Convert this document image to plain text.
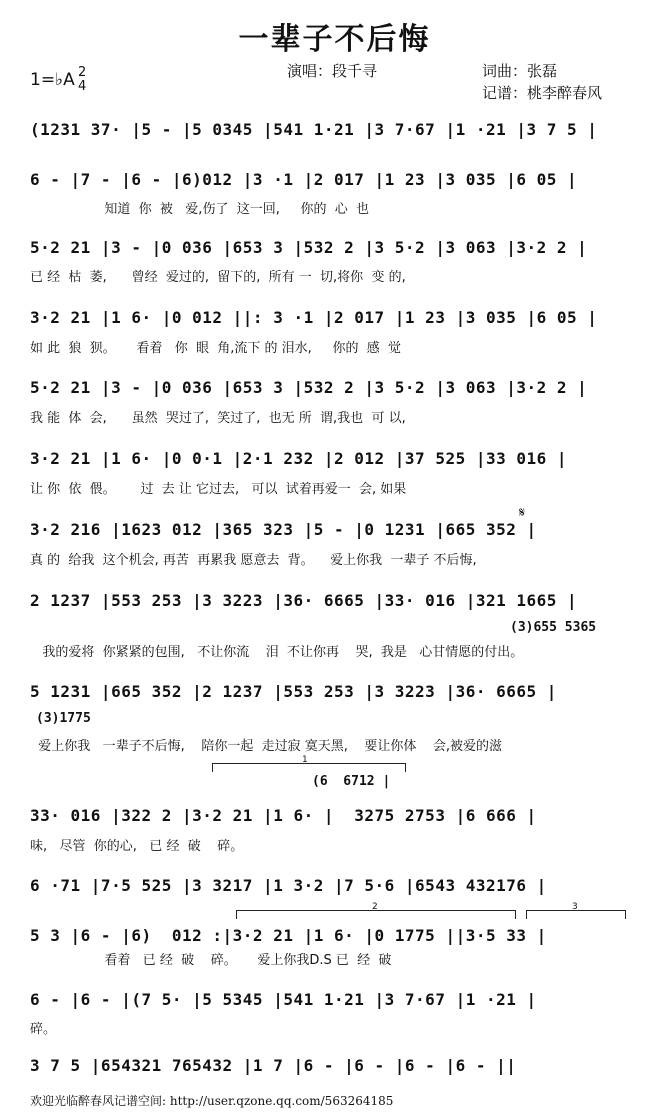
一辈子不后悔
演唱：段千寻	词曲：张磊
记谱：桃李醉春风
1=♭A 2
4
(1231 37· |5 - |5 0345 |541 1·21 |3 7·67 |1 ·21 |3 7 5 |
6 - |7 - |6 - |6)012 |3 ·1 |2 017 |1 23 |3 035 |6 05 |
知道  你  被   爱,伤了  这一回,     你的  心  也
5·2 21 |3 - |0 036 |653 3 |532 2 |3 5·2 |3 063 |3·2 2 |
已 经  枯  萎,      曾经  爱过的,  留下的,  所有 一  切,将你  变 的,
3·2 21 |1 6· |0 012 ||: 3 ·1 |2 017 |1 23 |3 035 |6 05 |
如 此  狼  狈。     看着   你  眼  角,流下 的 泪水,     你的  感  觉
5·2 21 |3 - |0 036 |653 3 |532 2 |3 5·2 |3 063 |3·2 2 |
我 能  体  会,      虽然  哭过了,  笑过了,  也无 所  谓,我也  可 以,
3·2 21 |1 6· |0 0·1 |2·1 232 |2 012 |37 525 |33 016 |
让 你  依  偎。      过  去 让 它过去,   可以  试着再爱一  会, 如果
𝄋
3·2 216 |1623 012 |365 323 |5 - |0 1231 |665 352 |
真 的  给我  这个机会, 再苦  再累我 愿意去  背。    爱上你我  一辈子 不后悔,
2 1237 |553 253 |3 3223 |36· 6665 |33· 016 |321 1665 |
(3)655 5365
我的爱将  你紧紧的包围,   不让你流    泪  不让你再    哭,  我是   心甘情愿的付出。
5 1231 |665 352 |2 1237 |553 253 |3 3223 |36· 6665 |
(3)1775
爱上你我   一辈子不后悔,    陪你一起  走过寂 寞天黑,    要让你体    会,被爱的滋
1
(6  6712 |
33· 016 |322 2 |3·2 21 |1 6· |  3275 2753 |6 666 |
味,   尽管  你的心,   已 经  破    碎。
6 ·71 |7·5 525 |3 3217 |1 3·2 |7 5·6 |6543 432176 |
2	3
5 3 |6 - |6)  012 :|3·2 21 |1 6· |0 1775 ||3·5 33 |
看着   已 经  破    碎。     爱上你我D.S 已  经  破
6 - |6 - |(7 5· |5 5345 |541 1·21 |3 7·67 |1 ·21 |
碎。
3 7 5 |654321 765432 |1 7 |6 - |6 - |6 - |6 - ||
欢迎光临醉春风记谱空间: http://user.qzone.qq.com/563264185
